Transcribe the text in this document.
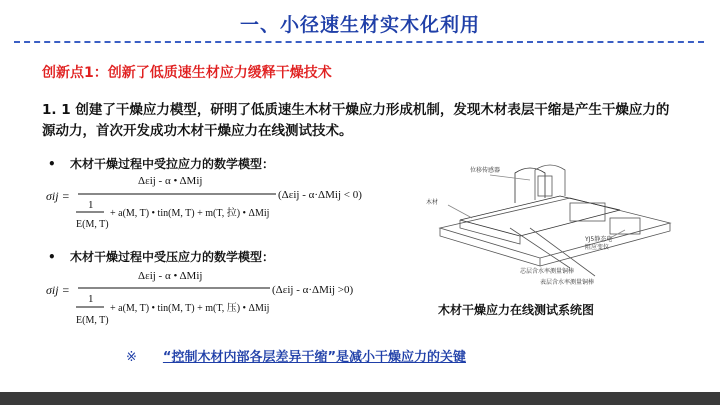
一、小径速生材实木化利用
创新点1：创新了低质速生材应力缓释干燥技术
1. 1 创建了干燥应力模型，研明了低质速生木材干燥应力形成机制，发现木材表层干缩是产生干燥应力的源动力，首次开发成功木材干燥应力在线测试技术。
• 木材干燥过程中受拉应力的数学模型：
σij =
Δεij - α • ΔMij
1
E(M, T)
+ a(M, T) • tin(M, T) + m(T, 拉) • ΔMij
(Δεij - α·ΔMij < 0)
σij =
Δεij - α • ΔMij
1
E(M, T)
+ a(M, T) • tin(M, T) + m(T, 压) • ΔMij
(Δεij - α·ΔMij >0)
• 木材干燥过程中受压应力的数学模型：
位移传感器
木材
YJ5静态电
阻应变仪
芯层含水率测量铜棒
表层含水率测量铜棒
木材干燥应力在线测试系统图
※ “控制木材内部各层差异干缩”是减小干燥应力的关键
